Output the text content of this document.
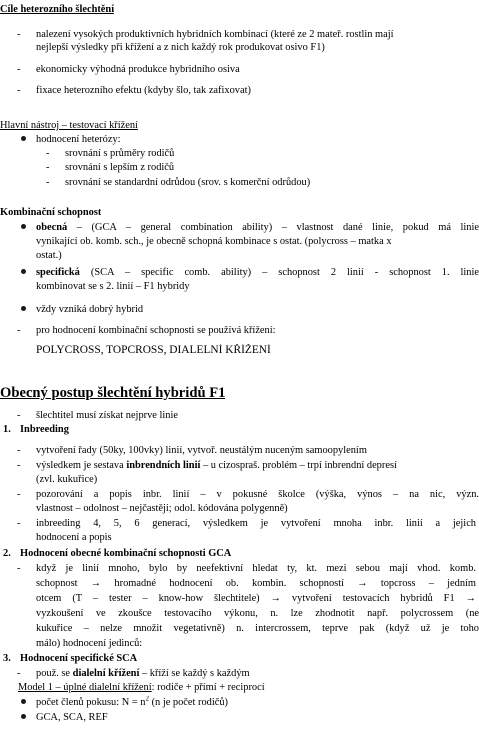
Cíle heterozního šlechtění
-	nalezení vysokých produktivních hybridních kombinací (které ze 2 mateř. rostlin mají
nejlepší výsledky při křížení a z nich každý rok produkovat osivo F1)
-	ekonomicky výhodná produkce hybridního osiva
-	fixace heterozního efektu (kdyby šlo, tak zafixovat)
Hlavní nástroj – testovací křížení
hodnocení heterózy:
-	srovnání s průměry rodičů
-	srovnání s lepším z rodičů
-	srovnání se standardní odrůdou (srov. s komerční odrůdou)
Kombinační schopnost
obecná – (GCA – general combination ability) – vlastnost dané linie, pokud má linie
vynikající ob. komb. sch., je obecně schopná kombinace s ostat. (polycross – matka x
ostat.)
specifická (SCA – specific comb. ability) – schopnost 2 linií - schopnost 1. linie
kombinovat se s 2. linií – F1 hybridy
vždy vzniká dobrý hybrid
-	pro hodnocení kombinační schopnosti se používá křížení:
POLYCROSS, TOPCROSS, DIALELNÍ KŘÍŽENÍ
Obecný postup šlechtění hybridů F1
-	šlechtitel musí získat nejprve linie
1. Inbreeding
-	vytvoření řady (50ky, 100vky) linií, vytvoř. neustálým nuceným samoopylením
-	výsledkem je sestava inbrendních linií – u cizospraš. problém – trpí inbrendní depresí
(zvl. kukuřice)
-	pozorování a popis inbr. linií – v pokusné školce (výška, výnos – na nic, význ.
vlastnost – odolnost – nejčastěji; odol. kódována polygenně)
-	inbreeding 4, 5, 6 generací, výsledkem je vytvoření mnoha inbr. linií a jejich
hodnocení a popis
2. Hodnocení obecné kombinační schopnosti GCA
-	když je linií mnoho, bylo by neefektivní hledat ty, kt. mezi sebou mají vhod. komb.
schopnost → hromadné hodnocení ob. kombin. schopností → topcross – jedním
otcem (T – tester – know-how šlechtitele) → vytvoření testovacích hybridů F1 →
vyzkoušení ve zkoušce testovacího výkonu, n. lze zhodnotit např. polycrossem (ne
kukuřice – nelze množit vegetativně) n. intercrossem, teprve pak (když už je toho
málo) hodnocení jedinců:
3. Hodnocení specifické SCA
-	použ. se dialelní křížení – kříží se každý s každým
Model 1 – úplné dialelní křížení: rodiče + přímí + reciprocí
počet členů pokusu: $N = n^2$ (n je počet rodičů)
GCA, SCA, REF
